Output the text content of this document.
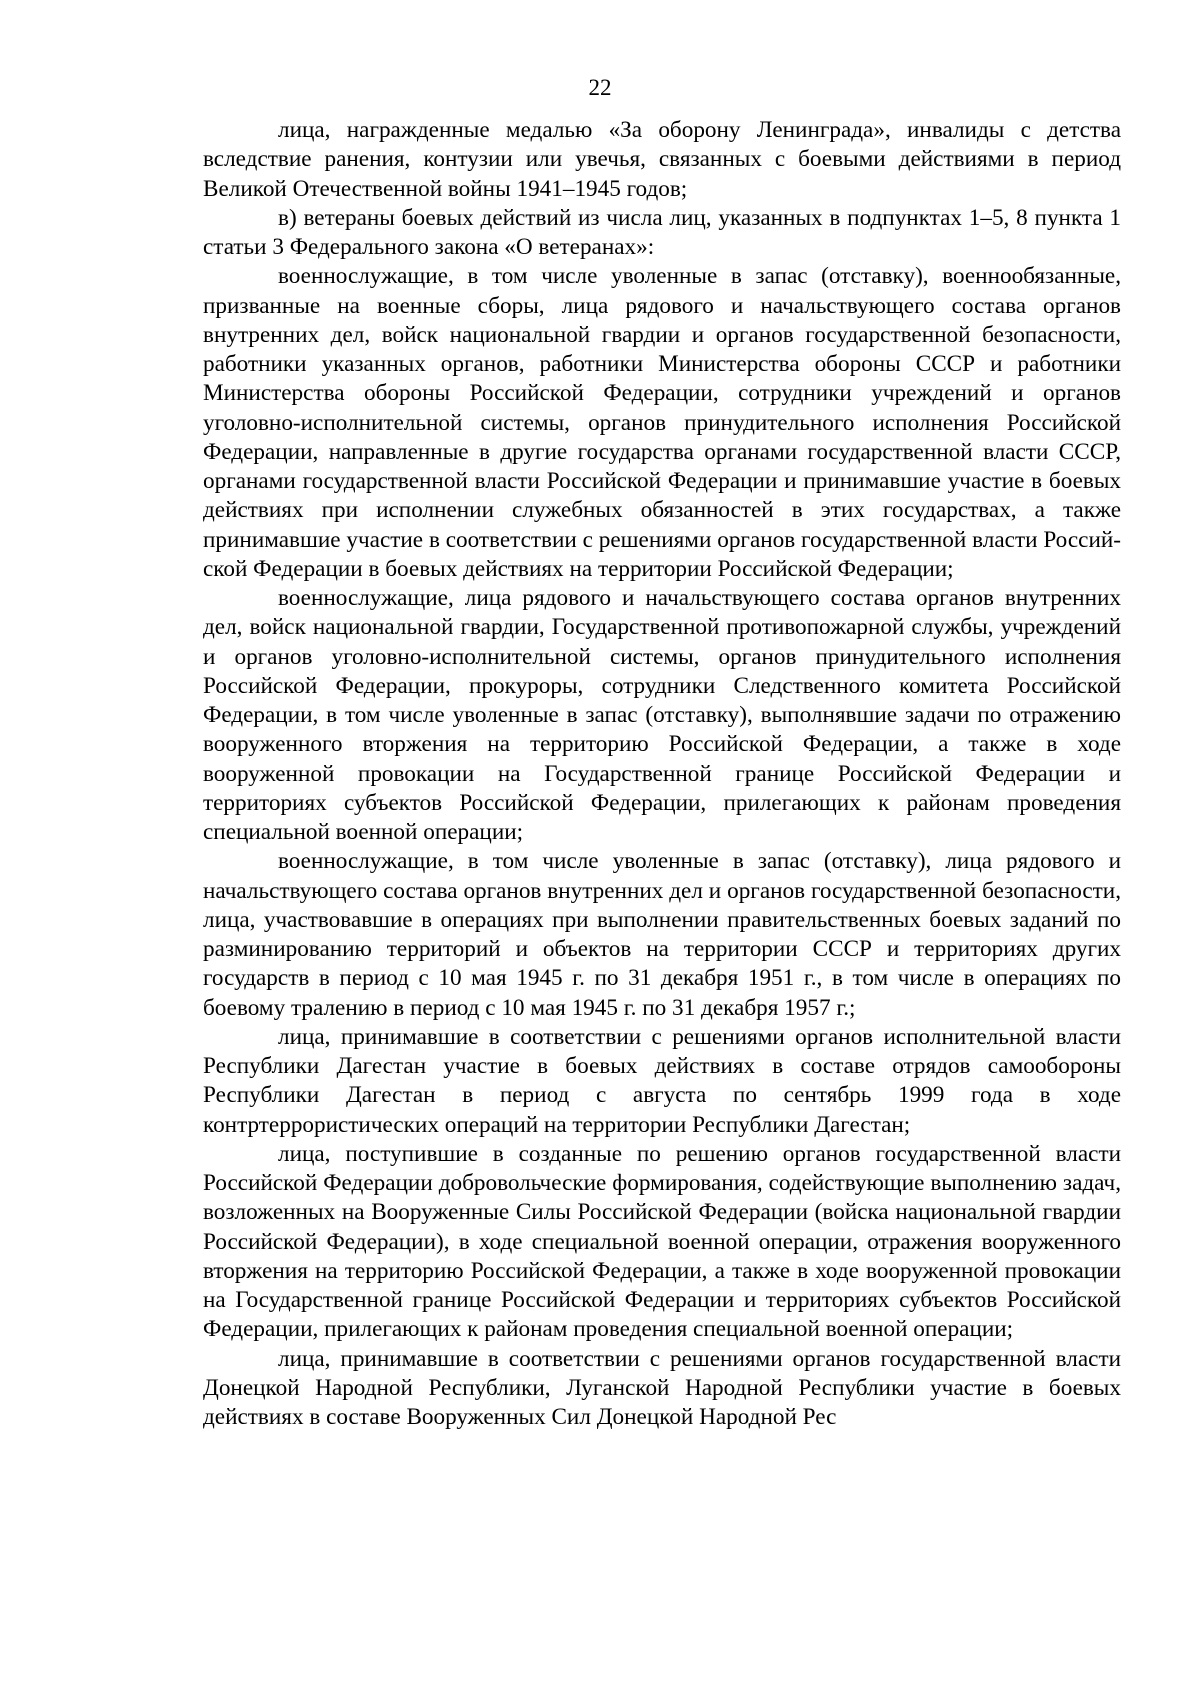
22

лица, награжденные медалью «За оборону Ленинграда», инвалиды с детства вследствие ранения, контузии или увечья, связанных с боевыми действиями в период Великой Отечественной войны 1941–1945 годов;

в) ветераны боевых действий из числа лиц, указанных в подпунктах 1–5, 8 пункта 1 статьи 3 Федерального закона «О ветеранах»:

военнослужащие, в том числе уволенные в запас (отставку), военнообязанные, призванные на военные сборы, лица рядового и начальствующего состава органов внутренних дел, войск национальной гвардии и органов государственной безопасности, работники указанных органов, работники Министерства обороны СССР и работники Министерства обороны Российской Федерации, сотрудники учреждений и органов уголовно-исполнительной системы, органов принудительного исполнения Российской Федерации, направленные в другие государства органами государственной власти СССР, органами государственной власти Российской Федерации и принимавшие участие в боевых действиях при исполнении служебных обязанностей в этих государствах, а также принимавшие участие в соответствии с решениями органов государственной власти Российской Федерации в боевых действиях на территории Российской Федерации;

военнослужащие, лица рядового и начальствующего состава органов внутренних дел, войск национальной гвардии, Государственной противопожарной службы, учреждений и органов уголовно-исполнительной системы, органов принудительного исполнения Российской Федерации, прокуроры, сотрудники Следственного комитета Российской Федерации, в том числе уволенные в запас (отставку), выполнявшие задачи по отражению вооруженного вторжения на территорию Российской Федерации, а также в ходе вооруженной провокации на Государственной границе Российской Федерации и территориях субъектов Российской Федерации, прилегающих к районам проведения специальной военной операции;

военнослужащие, в том числе уволенные в запас (отставку), лица рядового и начальствующего состава органов внутренних дел и органов государственной безопасности, лица, участвовавшие в операциях при выполнении правительственных боевых заданий по разминированию территорий и объектов на территории СССР и территориях других государств в период с 10 мая 1945 г. по 31 декабря 1951 г., в том числе в операциях по боевому тралению в период с 10 мая 1945 г. по 31 декабря 1957 г.;

лица, принимавшие в соответствии с решениями органов исполнительной власти Республики Дагестан участие в боевых действиях в составе отрядов самообороны Республики Дагестан в период с августа по сентябрь 1999 года в ходе контртеррористических операций на территории Республики Дагестан;

лица, поступившие в созданные по решению органов государственной власти Российской Федерации добровольческие формирования, содействующие выполнению задач, возложенных на Вооруженные Силы Российской Федерации (войска национальной гвардии Российской Федерации), в ходе специальной военной операции, отражения вооруженного вторжения на территорию Российской Федерации, а также в ходе вооруженной провокации на Государственной границе Российской Федерации и территориях субъектов Российской Федерации, прилегающих к районам проведения специальной военной операции;

лица, принимавшие в соответствии с решениями органов государственной власти Донецкой Народной Республики, Луганской Народной Республики участие в боевых действиях в составе Вооруженных Сил Донецкой Народной Рес
